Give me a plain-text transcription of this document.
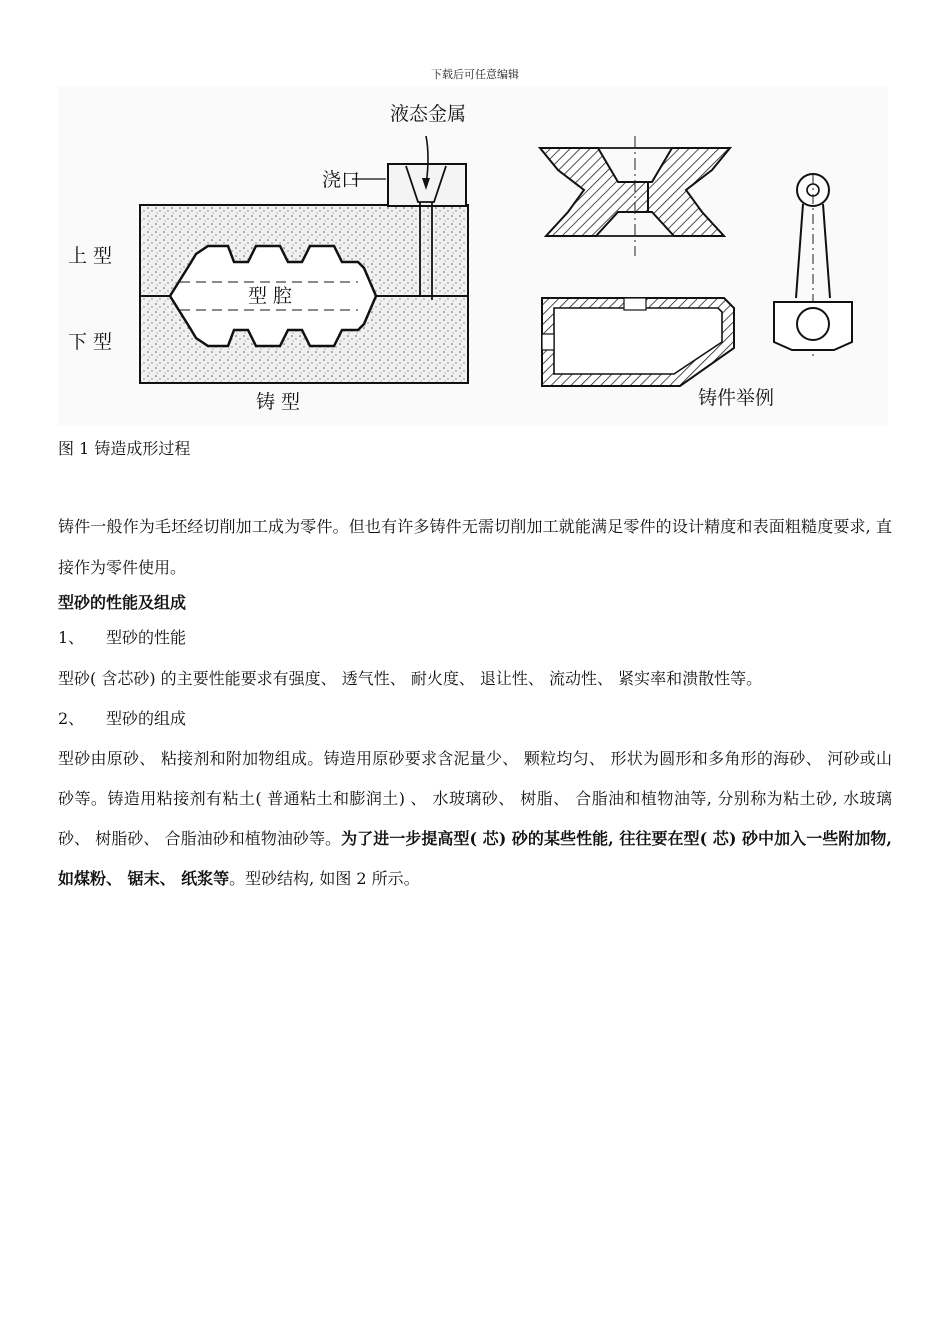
下载后可任意编辑
液态金属
浇口
上 型
下 型
型 腔
铸 型	铸件举例
图 1 铸造成形过程

铸件一般作为毛坯经切削加工成为零件。但也有许多铸件无需切削加工就能满足零件的设计精度和表面粗糙度要求, 直接作为零件使用。

型砂的性能及组成

1、 型砂的性能

型砂( 含芯砂) 的主要性能要求有强度、 透气性、 耐火度、 退让性、 流动性、 紧实率和溃散性等。

2、 型砂的组成

型砂由原砂、 粘接剂和附加物组成。铸造用原砂要求含泥量少、 颗粒均匀、 形状为圆形和多角形的海砂、 河砂或山砂等。铸造用粘接剂有粘土( 普通粘土和膨润土) 、 水玻璃砂、 树脂、 合脂油和植物油等, 分别称为粘土砂, 水玻璃砂、 树脂砂、 合脂油砂和植物油砂等。为了进一步提高型( 芯) 砂的某些性能, 往往要在型( 芯) 砂中加入一些附加物, 如煤粉、 锯末、 纸浆等。型砂结构, 如图 2 所示。
